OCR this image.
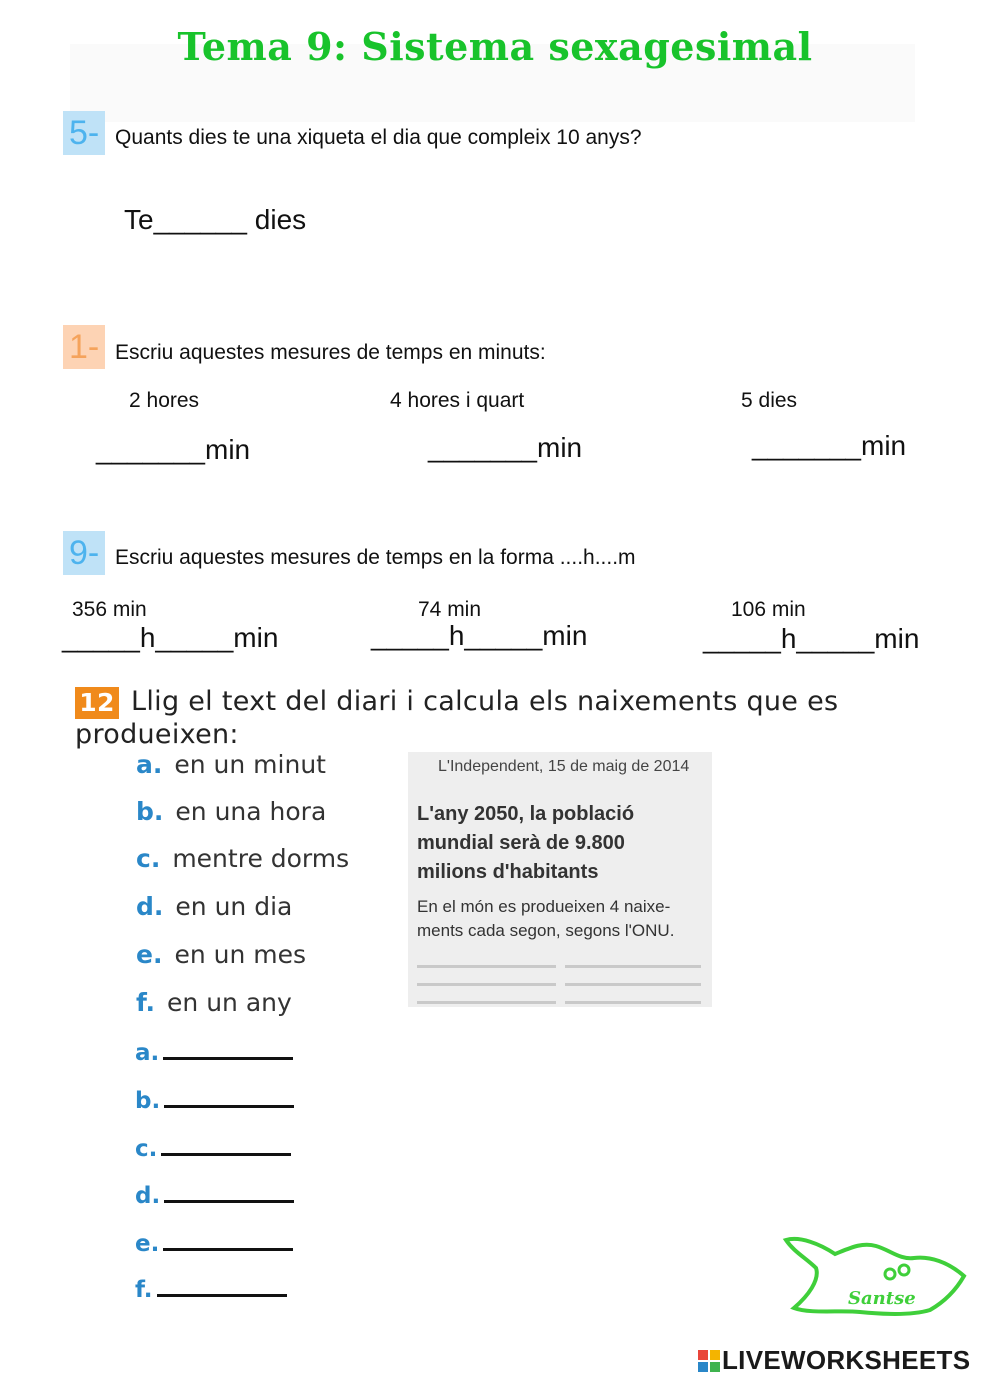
Tema 9: Sistema sexagesimal
5- Quants dies te una xiqueta el dia que compleix 10 anys?
Te______ dies
1- Escriu aquestes mesures de temps en minuts:
2 hores	4 hores i quart	5 dies
_______min	_______min	_______min
9- Escriu aquestes mesures de temps en la forma ....h....m
356 min	74 min	106 min
_____h_____min	_____h_____min	_____h_____min
12 Llig el text del diari i calcula els naixements que es produeixen:
a. en un minut
b. en una hora
c. mentre dorms
d. en un dia
e. en un mes
f. en un any
L'Independent, 15 de maig de 2014
L'any 2050, la població
mundial serà de 9.800
milions d'habitants
En el món es produeixen 4 naixe-
ments cada segon, segons l'ONU.

a.
b.
c.
d.
e.
f.	Santse
LIVEWORKSHEETS
